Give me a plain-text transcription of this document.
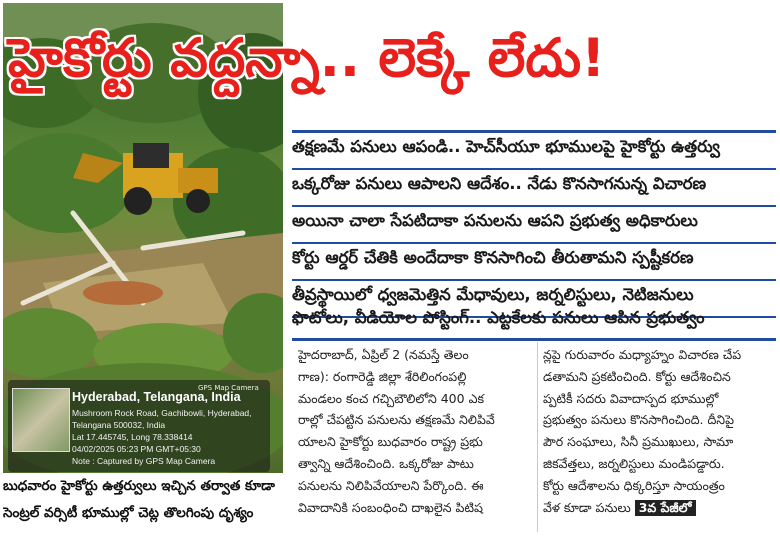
GPS Map Camera
Hyderabad, Telangana, India
Mushroom Rock Road, Gachibowli, Hyderabad,
Telangana 500032, India
Lat 17.445745, Long 78.338414
04/02/2025 05:23 PM GMT+05:30
Note : Captured by GPS Map Camera
హైకోర్టు వద్దన్నా.. లెక్కే లేదు!
బుధవారం హైకోర్టు ఉత్తర్వులు ఇచ్చిన తర్వాత కూడా
సెంట్రల్ వర్సిటీ భూముల్లో చెట్ల తొలగింపు దృశ్యం
తక్షణమే పనులు ఆపండి.. హెచ్‌సీయూ భూములపై హైకోర్టు ఉత్తర్వు
ఒక్కరోజు పనులు ఆపాలని ఆదేశం.. నేడు కొనసాగనున్న విచారణ
అయినా చాలా సేపటిదాకా పనులను ఆపని ప్రభుత్వ అధికారులు
కోర్టు ఆర్డర్ చేతికి అందేదాకా కొనసాగించి తీరుతామని స్పష్టీకరణ
తీవ్రస్థాయిలో ధ్వజమెత్తిన మేధావులు, జర్నలిస్టులు, నెటిజనులు
ఫొటోలు, వీడియోల పోస్టింగ్.. ఎట్టకేలకు పనులు ఆపిన ప్రభుత్వం

హైదరాబాద్, ఏప్రిల్ 2 (నమస్తే తెలం

గాణ): రంగారెడ్డి జిల్లా శేరిలింగంపల్లి

మండలం కంచ గచ్చిబౌలిలోని 400 ఎక

రాల్లో చేపట్టిన పనులను తక్షణమే నిలిపివే

యాలని హైకోర్టు బుధవారం రాష్ట్ర ప్రభు

త్వాన్ని ఆదేశించింది. ఒక్కరోజు పాటు

పనులను నిలిపివేయాలని పేర్కొంది. ఈ

వివాదానికి సంబంధించి దాఖలైన పిటిష

న్లపై గురువారం మధ్యాహ్నం విచారణ చేప

డతామని ప్రకటించింది. కోర్టు ఆదేశించిన

ప్పటికీ సదరు వివాదాస్పద భూముల్లో

ప్రభుత్వం పనులు కొనసాగించింది. దీనిపై

పౌర సంఘాలు, సినీ ప్రముఖులు, సామా

జికవేత్తలు, జర్నలిస్టులు మండిపడ్డారు.

కోర్టు ఆదేశాలను ధిక్కరిస్తూ సాయంత్రం

వేళ కూడా పనులు 3వ పేజీలో
